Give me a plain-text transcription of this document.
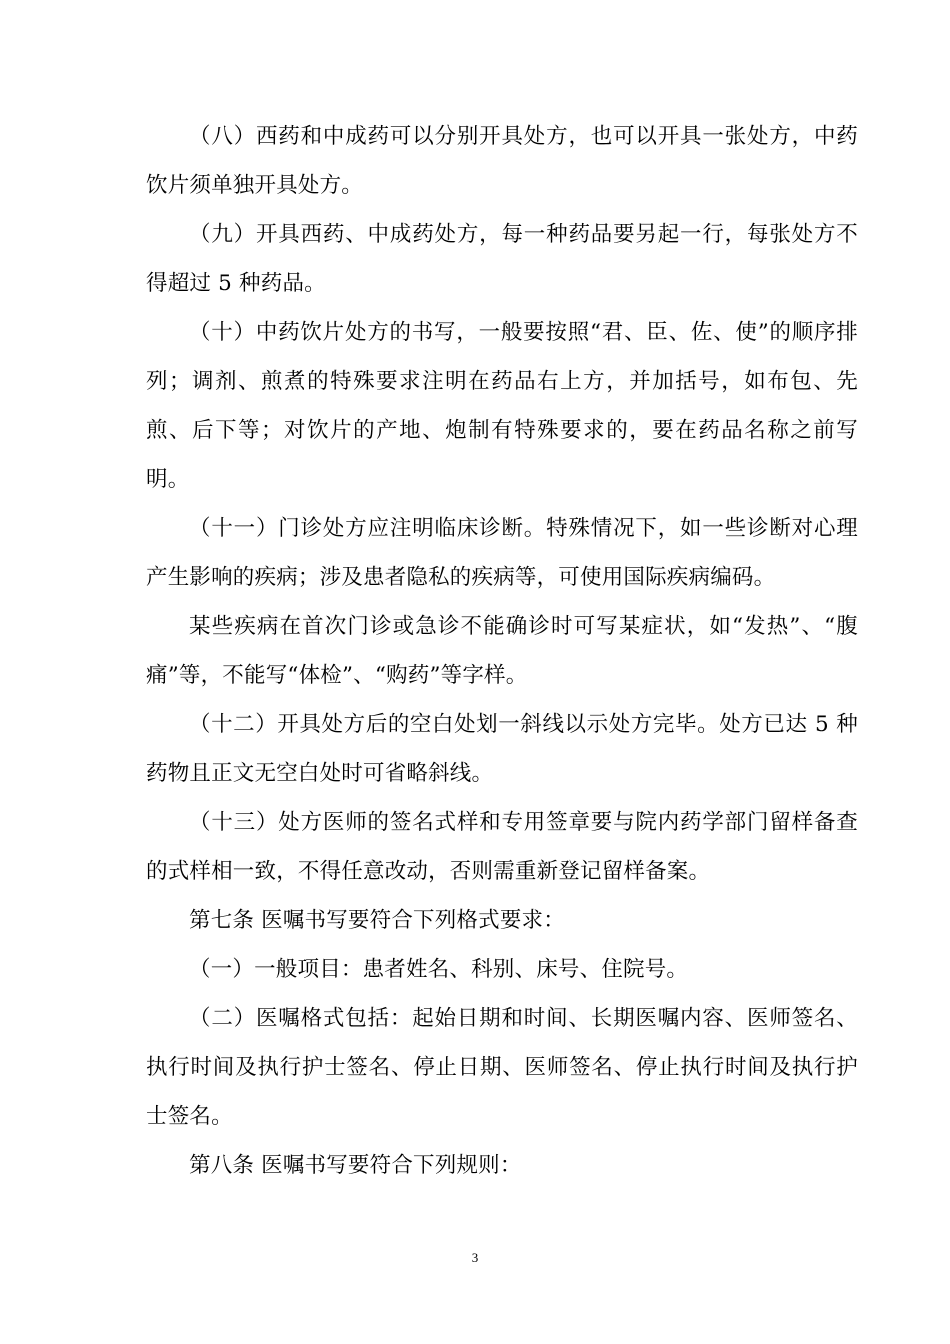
（八）西药和中成药可以分别开具处方，也可以开具一张处方，中药饮片须单独开具处方。

（九）开具西药、中成药处方，每一种药品要另起一行，每张处方不得超过 5 种药品。

（十）中药饮片处方的书写，一般要按照“君、臣、佐、使”的顺序排列；调剂、煎煮的特殊要求注明在药品右上方，并加括号，如布包、先煎、后下等；对饮片的产地、炮制有特殊要求的，要在药品名称之前写明。

（十一）门诊处方应注明临床诊断。特殊情况下，如一些诊断对心理产生影响的疾病；涉及患者隐私的疾病等，可使用国际疾病编码。

某些疾病在首次门诊或急诊不能确诊时可写某症状，如“发热”、“腹痛”等，不能写“体检”、“购药”等字样。

（十二）开具处方后的空白处划一斜线以示处方完毕。处方已达 5 种药物且正文无空白处时可省略斜线。

（十三）处方医师的签名式样和专用签章要与院内药学部门留样备查的式样相一致，不得任意改动，否则需重新登记留样备案。

第七条 医嘱书写要符合下列格式要求：

（一）一般项目：患者姓名、科别、床号、住院号。

（二）医嘱格式包括：起始日期和时间、长期医嘱内容、医师签名、执行时间及执行护士签名、停止日期、医师签名、停止执行时间及执行护士签名。

第八条 医嘱书写要符合下列规则：

3
